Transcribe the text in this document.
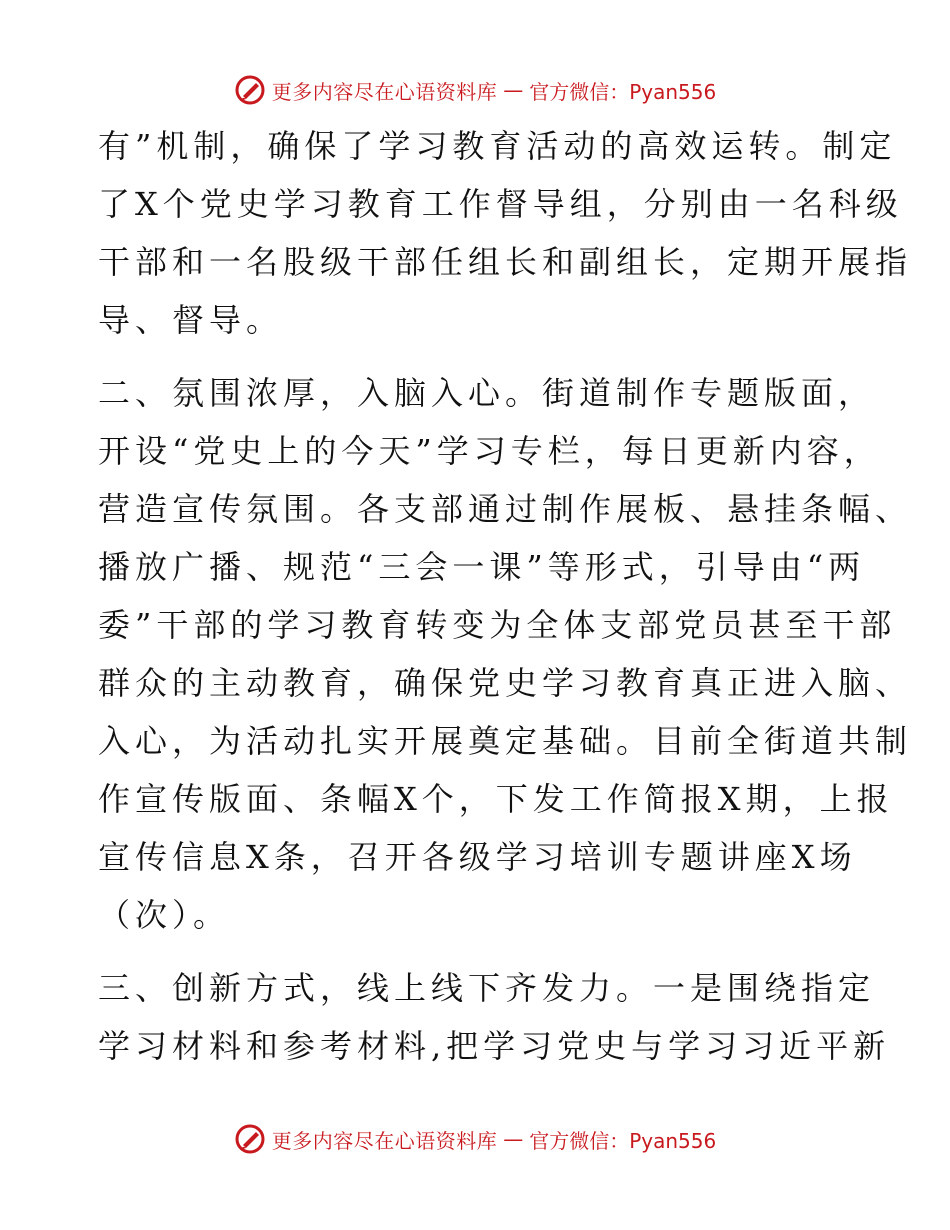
更多内容尽在心语资料库 — 官方微信：Pyan556
有”机制，确保了学习教育活动的高效运转。制定
了X个党史学习教育工作督导组，分别由一名科级
干部和一名股级干部任组长和副组长，定期开展指
导、督导。
二、氛围浓厚，入脑入心。街道制作专题版面，
开设“党史上的今天”学习专栏，每日更新内容，
营造宣传氛围。各支部通过制作展板、悬挂条幅、
播放广播、规范“三会一课”等形式，引导由“两
委”干部的学习教育转变为全体支部党员甚至干部
群众的主动教育，确保党史学习教育真正进入脑、
入心，为活动扎实开展奠定基础。目前全街道共制
作宣传版面、条幅X个，下发工作简报X期，上报
宣传信息X条，召开各级学习培训专题讲座X场
（次）。
三、创新方式，线上线下齐发力。一是围绕指定
学习材料和参考材料,把学习党史与学习习近平新
更多内容尽在心语资料库 — 官方微信：Pyan556
